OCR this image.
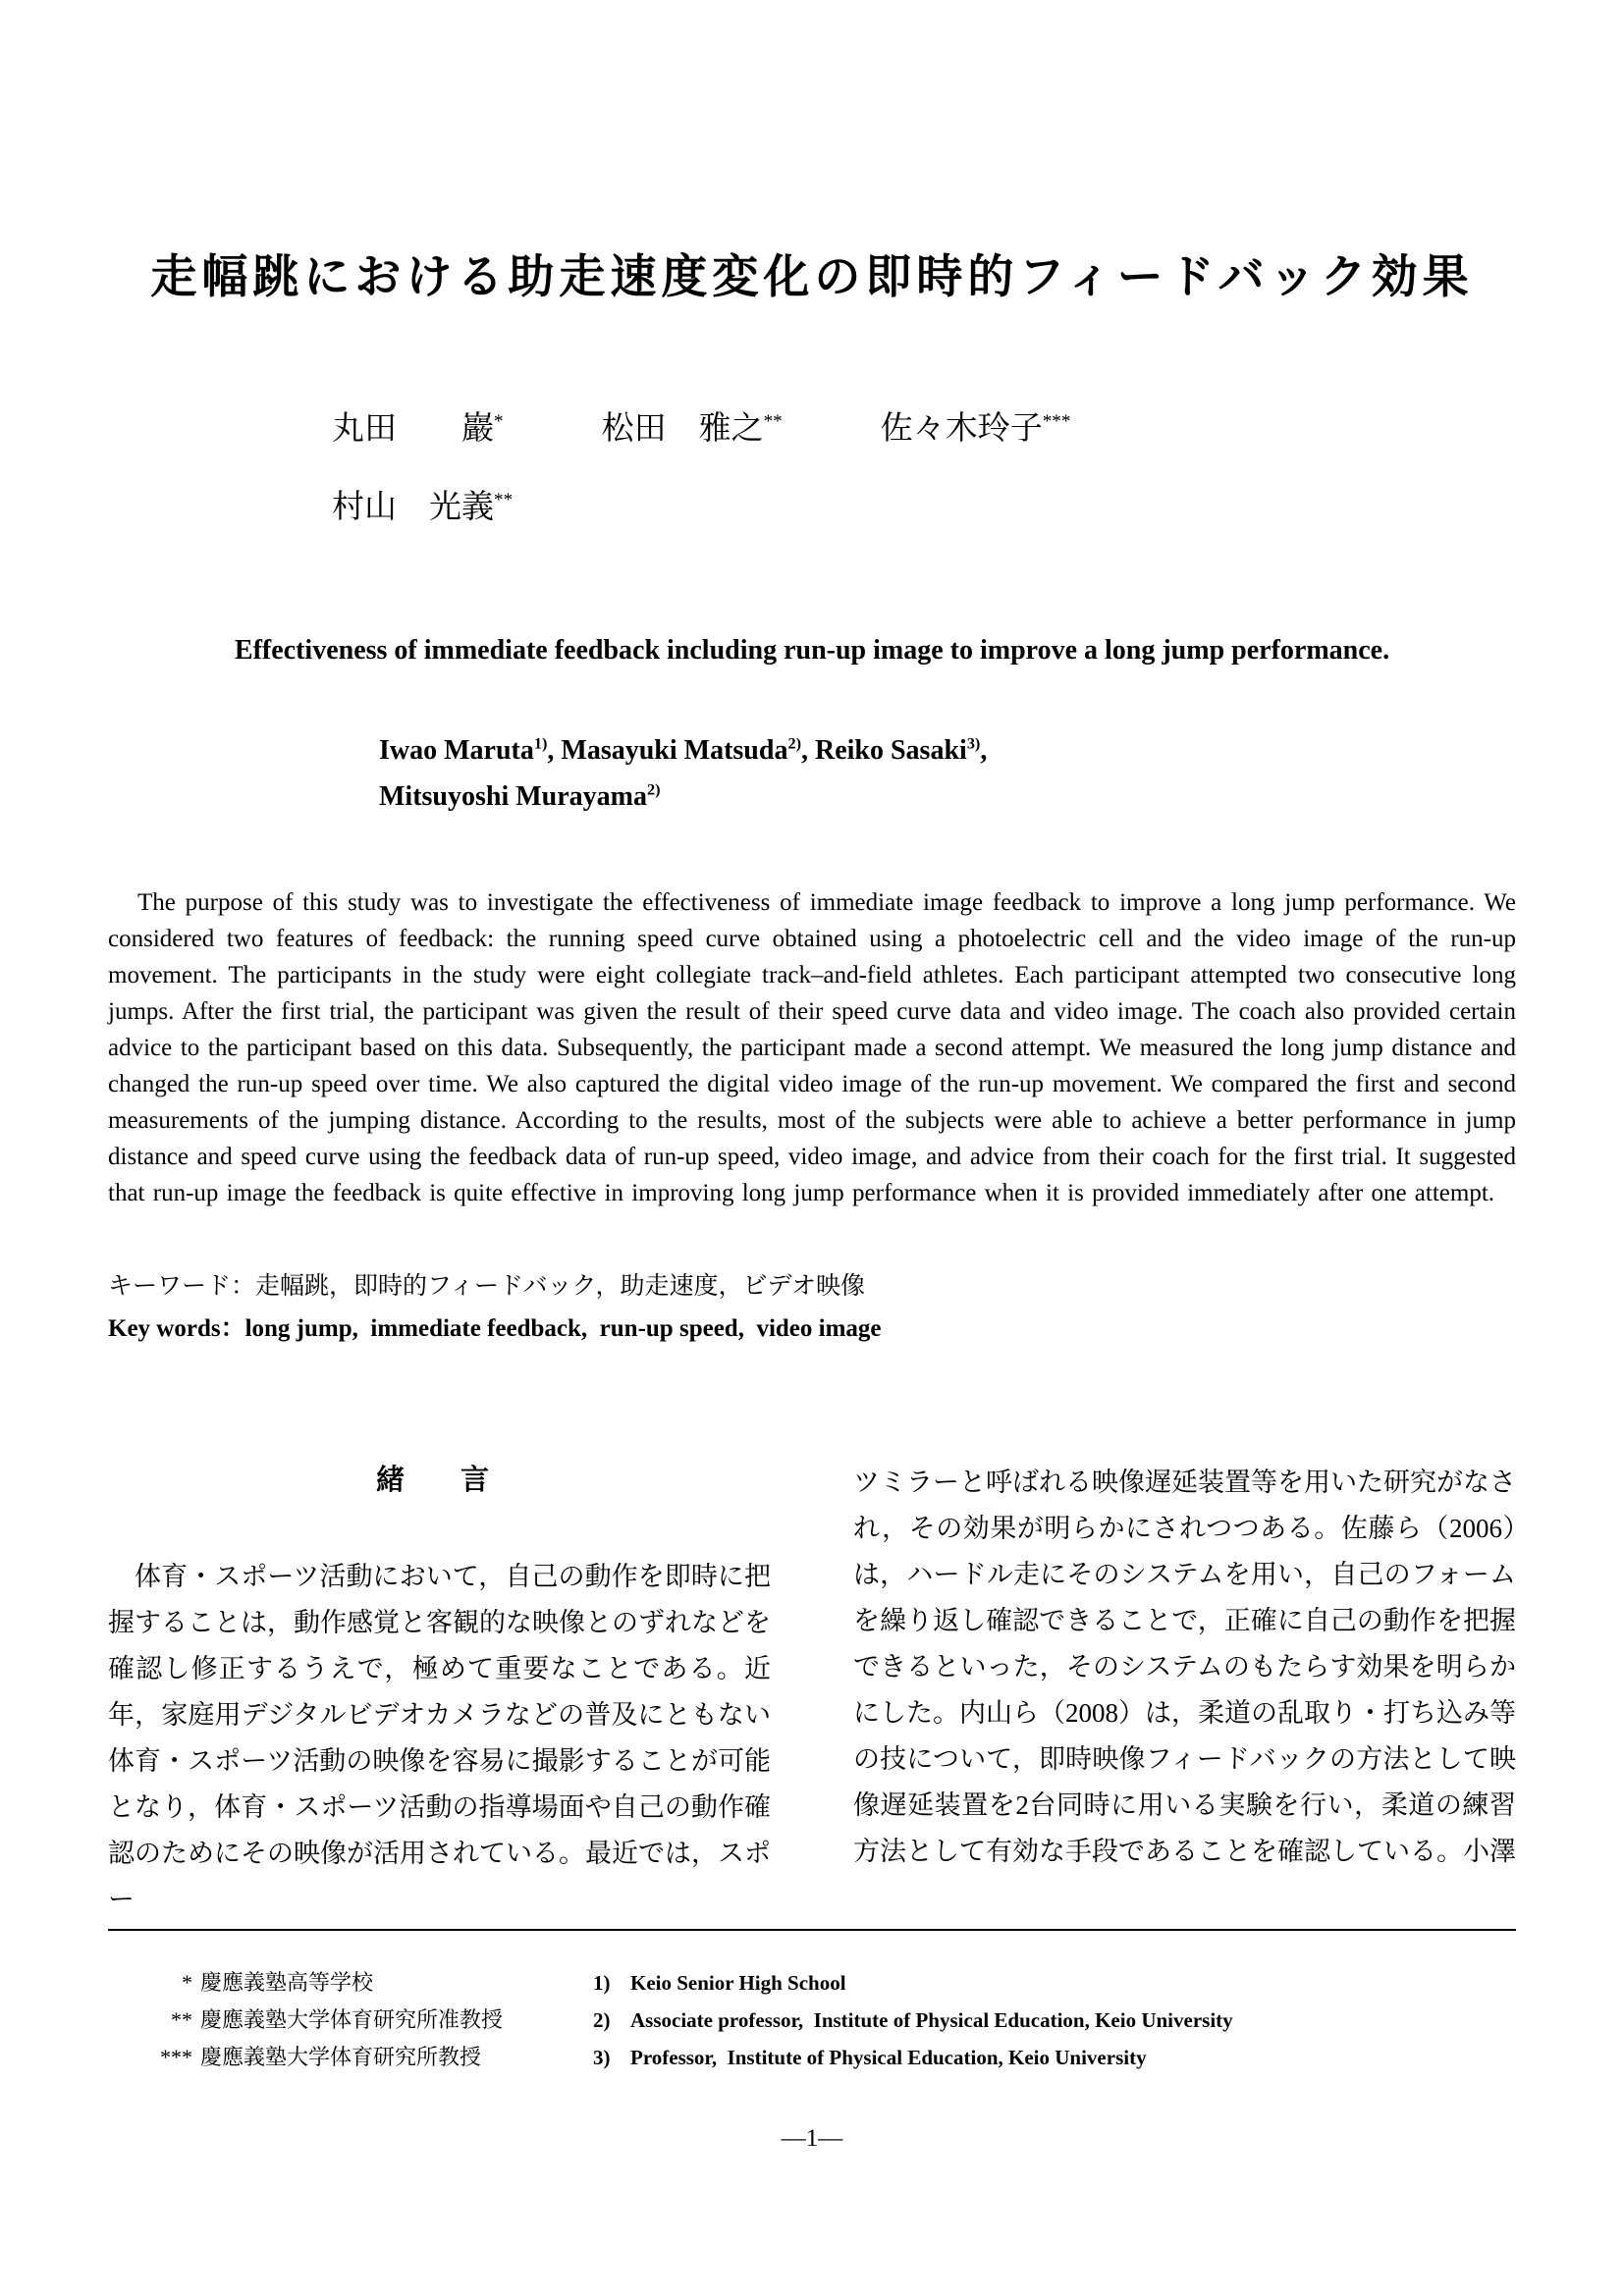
走幅跳における助走速度変化の即時的フィードバック効果
丸田　　巖*	松田　雅之**	佐々木玲子***
村山　光義**
Effectiveness of immediate feedback including run-up image to improve a long jump performance.
Iwao Maruta$^{1)}$, Masayuki Matsuda$^{2)}$, Reiko Sasaki$^{3)}$,
Mitsuyoshi Murayama$^{2)}$

The purpose of this study was to investigate the effectiveness of immediate image feedback to improve a long jump performance. We considered two features of feedback: the running speed curve obtained using a photoelectric cell and the video image of the run-up movement. The participants in the study were eight collegiate track–and-field athletes. Each participant attempted two consecutive long jumps. After the first trial, the participant was given the result of their speed curve data and video image. The coach also provided certain advice to the participant based on this data. Subsequently, the participant made a second attempt. We measured the long jump distance and changed the run-up speed over time. We also captured the digital video image of the run-up movement. We compared the first and second measurements of the jumping distance. According to the results, most of the subjects were able to achieve a better performance in jump distance and speed curve using the feedback data of run-up speed, video image, and advice from their coach for the first trial. It suggested that run-up image the feedback is quite effective in improving long jump performance when it is provided immediately after one attempt.

キーワード：走幅跳，即時的フィードバック，助走速度，ビデオ映像
Key words：long jump,  immediate feedback,  run-up speed,  video image
緒　言

体育・スポーツ活動において，自己の動作を即時に把握することは，動作感覚と客観的な映像とのずれなどを確認し修正するうえで，極めて重要なことである。近年，家庭用デジタルビデオカメラなどの普及にともない体育・スポーツ活動の映像を容易に撮影することが可能となり，体育・スポーツ活動の指導場面や自己の動作確認のためにその映像が活用されている。最近では，スポー

ツミラーと呼ばれる映像遅延装置等を用いた研究がなされ，その効果が明らかにされつつある。佐藤ら（2006）は，ハードル走にそのシステムを用い，自己のフォームを繰り返し確認できることで，正確に自己の動作を把握できるといった，そのシステムのもたらす効果を明らかにした。内山ら（2008）は，柔道の乱取り・打ち込み等の技について，即時映像フィードバックの方法として映像遅延装置を2台同時に用いる実験を行い，柔道の練習方法として有効な手段であることを確認している。小澤

* 慶應義塾高等学校
** 慶應義塾大学体育研究所准教授
*** 慶應義塾大学体育研究所教授
1) Keio Senior High School
2) Associate professor,  Institute of Physical Education, Keio University
3) Professor,  Institute of Physical Education, Keio University
—1—
